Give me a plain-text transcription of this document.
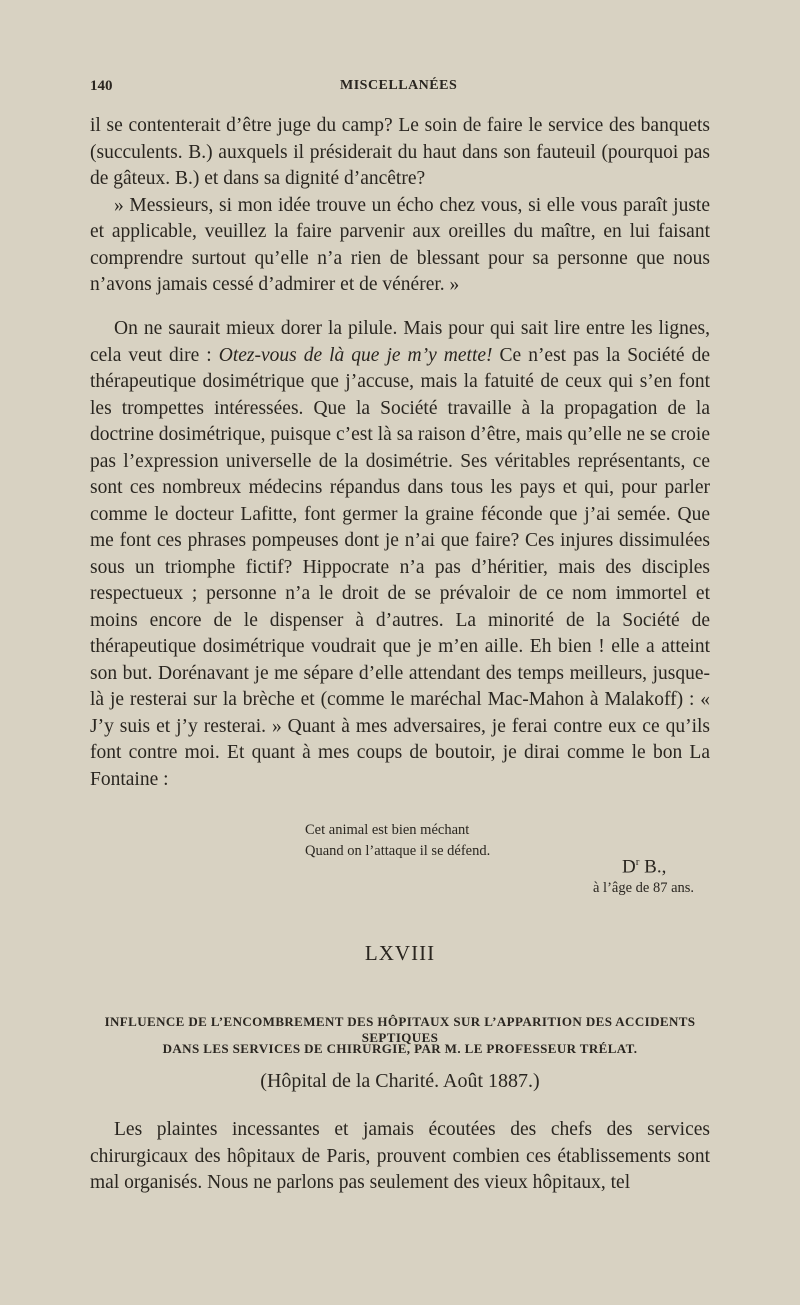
140	MISCELLANÉES

il se contenterait d’être juge du camp? Le soin de faire le service des banquets (succulents. B.) auxquels il présiderait du haut dans son fauteuil (pourquoi pas de gâteux. B.) et dans sa dignité d’ancêtre?

» Messieurs, si mon idée trouve un écho chez vous, si elle vous paraît juste et applicable, veuillez la faire parvenir aux oreilles du maître, en lui faisant comprendre surtout qu’elle n’a rien de blessant pour sa personne que nous n’avons jamais cessé d’admirer et de vénérer. »

On ne saurait mieux dorer la pilule. Mais pour qui sait lire entre les lignes, cela veut dire : Otez-vous de là que je m’y mette! Ce n’est pas la Société de thérapeutique dosimétrique que j’accuse, mais la fatuité de ceux qui s’en font les trompettes intéressées. Que la Société travaille à la propagation de la doctrine dosimétrique, puisque c’est là sa raison d’être, mais qu’elle ne se croie pas l’expression universelle de la dosimétrie. Ses véritables représentants, ce sont ces nombreux médecins répandus dans tous les pays et qui, pour parler comme le docteur Lafitte, font germer la graine féconde que j’ai semée. Que me font ces phrases pompeuses dont je n’ai que faire? Ces injures dissimulées sous un triomphe fictif? Hippocrate n’a pas d’héritier, mais des disciples respectueux ; personne n’a le droit de se prévaloir de ce nom immortel et moins encore de le dispenser à d’autres. La minorité de la Société de thérapeutique dosimétrique voudrait que je m’en aille. Eh bien ! elle a atteint son but. Dorénavant je me sépare d’elle attendant des temps meilleurs, jusque-là je resterai sur la brèche et (comme le maréchal Mac-Mahon à Malakoff) : « J’y suis et j’y resterai. » Quant à mes adversaires, je ferai contre eux ce qu’ils font contre moi. Et quant à mes coups de boutoir, je dirai comme le bon La Fontaine :

Cet animal est bien méchant
Quand on l’attaque il se défend.
$D^r$ B.,
à l’âge de 87 ans.
LXVIII
INFLUENCE DE L’ENCOMBREMENT DES HÔPITAUX SUR L’APPARITION DES ACCIDENTS SEPTIQUES
DANS LES SERVICES DE CHIRURGIE, PAR M. LE PROFESSEUR TRÉLAT.
(Hôpital de la Charité. Août 1887.)

Les plaintes incessantes et jamais écoutées des chefs des services chirurgicaux des hôpitaux de Paris, prouvent combien ces établissements sont mal organisés. Nous ne parlons pas seulement des vieux hôpitaux, tel
